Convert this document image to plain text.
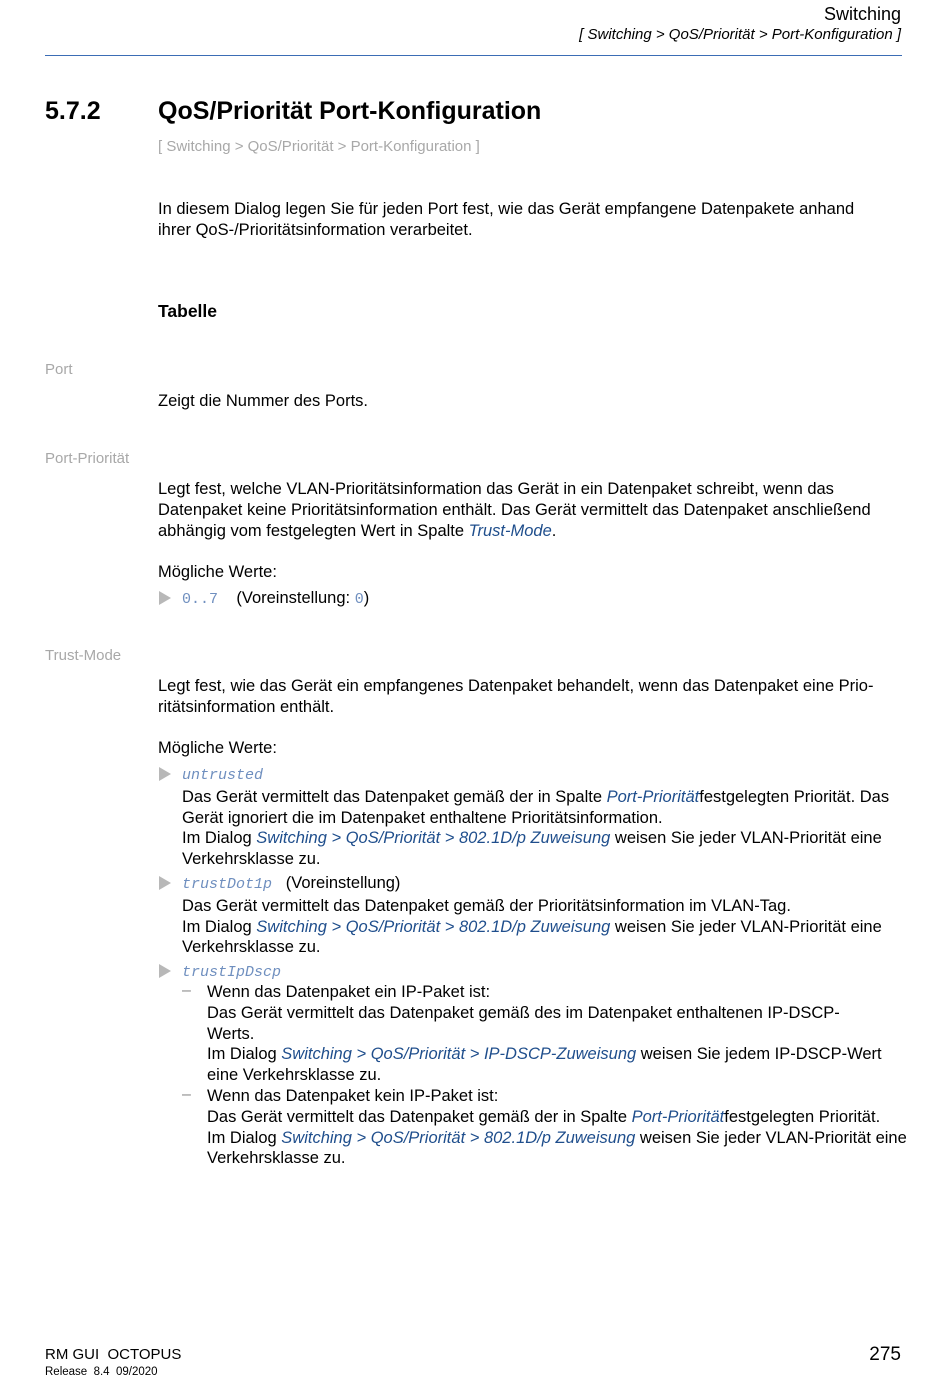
Switching
[ Switching > QoS/Priorität > Port-Konfiguration ]
5.7.2 QoS/Priorität Port-Konfiguration
[ Switching > QoS/Priorität > Port-Konfiguration ]
In diesem Dialog legen Sie für jeden Port fest, wie das Gerät empfangene Datenpakete anhand
ihrer QoS-/Prioritätsinformation verarbeitet.
Tabelle
Port
Zeigt die Nummer des Ports.
Port-Priorität
Legt fest, welche VLAN-Prioritätsinformation das Gerät in ein Datenpaket schreibt, wenn das
Datenpaket keine Prioritätsinformation enthält. Das Gerät vermittelt das Datenpaket anschließend
abhängig vom festgelegten Wert in Spalte Trust-Mode.
Mögliche Werte:
0..7 (Voreinstellung: 0)
Trust-Mode
Legt fest, wie das Gerät ein empfangenes Datenpaket behandelt, wenn das Datenpaket eine Prio-
ritätsinformation enthält.
Mögliche Werte:
untrusted
Das Gerät vermittelt das Datenpaket gemäß der in Spalte Port-Prioritätfestgelegten Priorität. Das
Gerät ignoriert die im Datenpaket enthaltene Prioritätsinformation.
Im Dialog Switching > QoS/Priorität > 802.1D/p Zuweisung weisen Sie jeder VLAN-Priorität eine
Verkehrsklasse zu.
trustDot1p (Voreinstellung)
Das Gerät vermittelt das Datenpaket gemäß der Prioritätsinformation im VLAN-Tag.
Im Dialog Switching > QoS/Priorität > 802.1D/p Zuweisung weisen Sie jeder VLAN-Priorität eine
Verkehrsklasse zu.
trustIpDscp
– Wenn das Datenpaket ein IP-Paket ist:
Das Gerät vermittelt das Datenpaket gemäß des im Datenpaket enthaltenen IP-DSCP-
Werts.
Im Dialog Switching > QoS/Priorität > IP-DSCP-Zuweisung weisen Sie jedem IP-DSCP-Wert
eine Verkehrsklasse zu.
– Wenn das Datenpaket kein IP-Paket ist:
Das Gerät vermittelt das Datenpaket gemäß der in Spalte Port-Prioritätfestgelegten Priorität.
Im Dialog Switching > QoS/Priorität > 802.1D/p Zuweisung weisen Sie jeder VLAN-Priorität eine
Verkehrsklasse zu.
RM GUI  OCTOPUS
Release  8.4  09/2020
275
